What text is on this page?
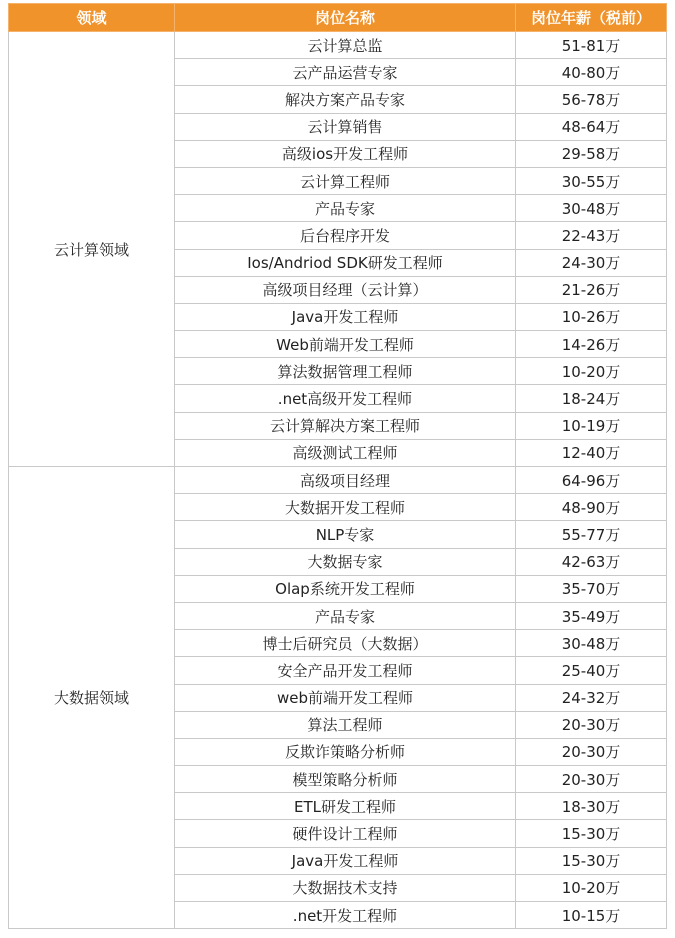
领域	岗位名称	岗位年薪（税前）
云计算领域	云计算总监	51-81万
	云产品运营专家	40-80万
	解决方案产品专家	56-78万
	云计算销售	48-64万
	高级ios开发工程师	29-58万
	云计算工程师	30-55万
	产品专家	30-48万
	后台程序开发	22-43万
	Ios/Andriod SDK研发工程师	24-30万
	高级项目经理（云计算）	21-26万
	Java开发工程师	10-26万
	Web前端开发工程师	14-26万
	算法数据管理工程师	10-20万
	.net高级开发工程师	18-24万
	云计算解决方案工程师	10-19万
	高级测试工程师	12-40万
大数据领域	高级项目经理	64-96万
	大数据开发工程师	48-90万
	NLP专家	55-77万
	大数据专家	42-63万
	Olap系统开发工程师	35-70万
	产品专家	35-49万
	博士后研究员（大数据）	30-48万
	安全产品开发工程师	25-40万
	web前端开发工程师	24-32万
	算法工程师	20-30万
	反欺诈策略分析师	20-30万
	模型策略分析师	20-30万
	ETL研发工程师	18-30万
	硬件设计工程师	15-30万
	Java开发工程师	15-30万
	大数据技术支持	10-20万
	.net开发工程师	10-15万
